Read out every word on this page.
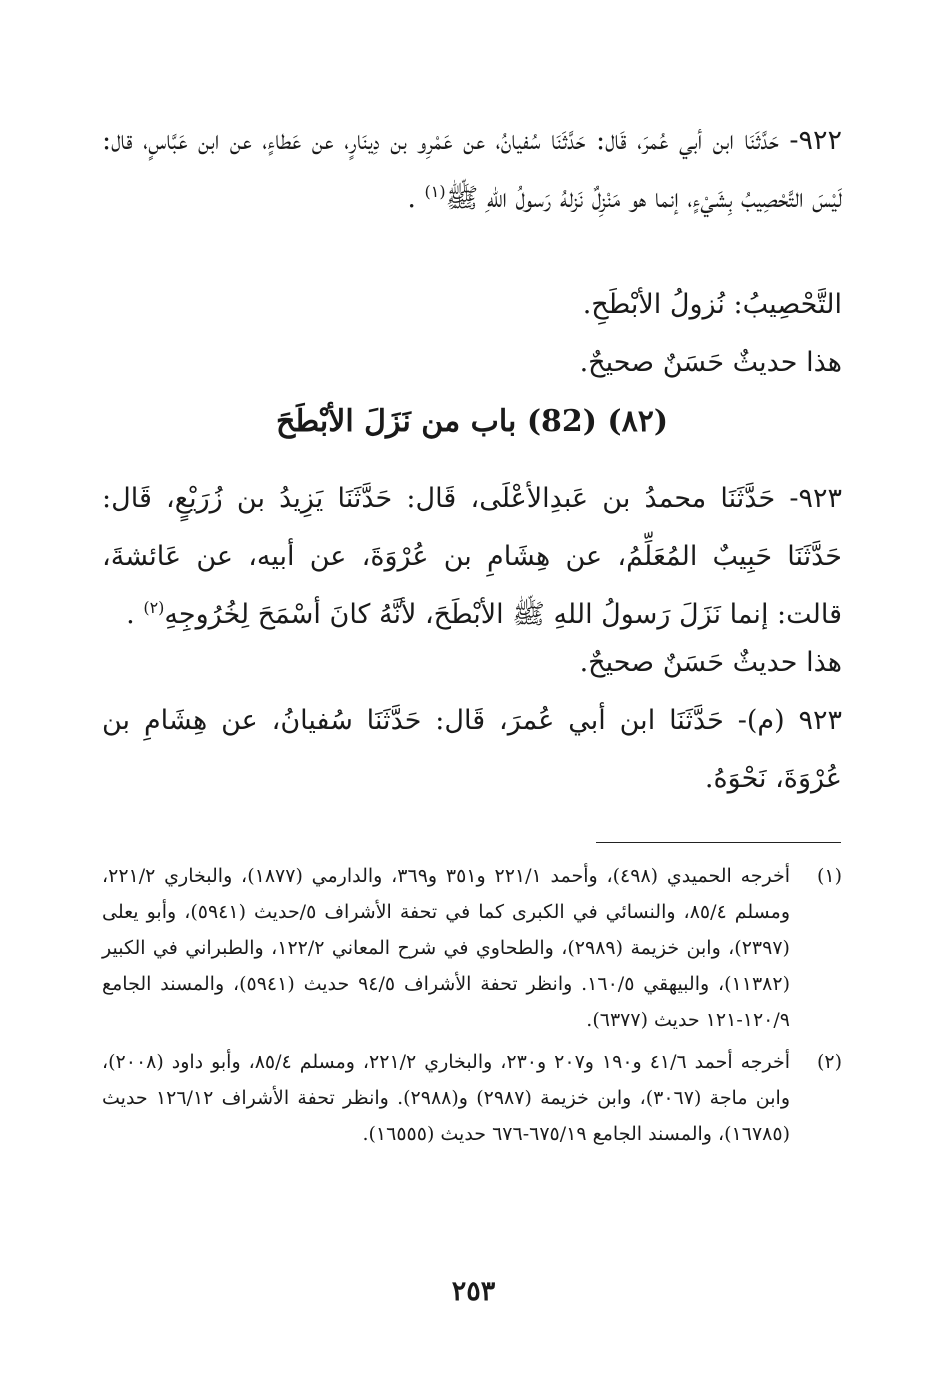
٩٢٢- حَدَّثَنَا ابن أبي عُمرَ، قَال: حَدَّثَنَا سُفيانُ، عن عَمْرِو بن دِينَارٍ، عن عَطاءٍ، عن ابن عَبَّاسٍ، قال: لَيْسَ التَّحْصِيبُ بِشَيْءٍ، إنما هو مَنْزِلٌ نَزلهُ رَسولُ اللهِ ﷺ$^{(١)}$ .
التَّحْصِيبُ: نُزولُ الأبْطَحِ.
هذا حديثٌ حَسَنٌ صحيحٌ.
(٨٢) (82) باب من نَزَلَ الأبْطَحَ
٩٢٣- حَدَّثَنَا محمدُ بن عَبدِالأعْلَى، قَال: حَدَّثَنَا يَزِيدُ بن زُرَيْعٍ، قَال: حَدَّثَنَا حَبِيبٌ المُعَلِّمُ، عن هِشَامِ بن عُرْوَةَ، عن أبيه، عن عَائشةَ، قالت: إنما نَزَلَ رَسولُ اللهِ ﷺ الأبْطَحَ، لأنَّهُ كانَ أسْمَحَ لِخُرُوجِهِ$^{(٢)}$ .
هذا حديثٌ حَسَنٌ صحيحٌ.
٩٢٣ (م)- حَدَّثَنَا ابن أبي عُمرَ، قَال: حَدَّثَنَا سُفيانُ، عن هِشَامِ بن عُرْوَةَ، نَحْوَهُ.
(١)
أخرجه الحميدي (٤٩٨)، وأحمد ٢٢١/١ و٣٥١ و٣٦٩، والدارمي (١٨٧٧)، والبخاري ٢٢١/٢، ومسلم ٨٥/٤، والنسائي في الكبرى كما في تحفة الأشراف ٥/حديث (٥٩٤١)، وأبو يعلى (٢٣٩٧)، وابن خزيمة (٢٩٨٩)، والطحاوي في شرح المعاني ١٢٢/٢، والطبراني في الكبير (١١٣٨٢)، والبيهقي ١٦٠/٥. وانظر تحفة الأشراف ٩٤/٥ حديث (٥٩٤١)، والمسند الجامع ١٢٠/٩-١٢١ حديث (٦٣٧٧).
(٢)
أخرجه أحمد ٤١/٦ و١٩٠ و٢٠٧ و٢٣٠، والبخاري ٢٢١/٢، ومسلم ٨٥/٤، وأبو داود (٢٠٠٨)، وابن ماجة (٣٠٦٧)، وابن خزيمة (٢٩٨٧) و(٢٩٨٨). وانظر تحفة الأشراف ١٢٦/١٢ حديث (١٦٧٨٥)، والمسند الجامع ٦٧٥/١٩-٦٧٦ حديث (١٦٥٥٥).
٢٥٣
